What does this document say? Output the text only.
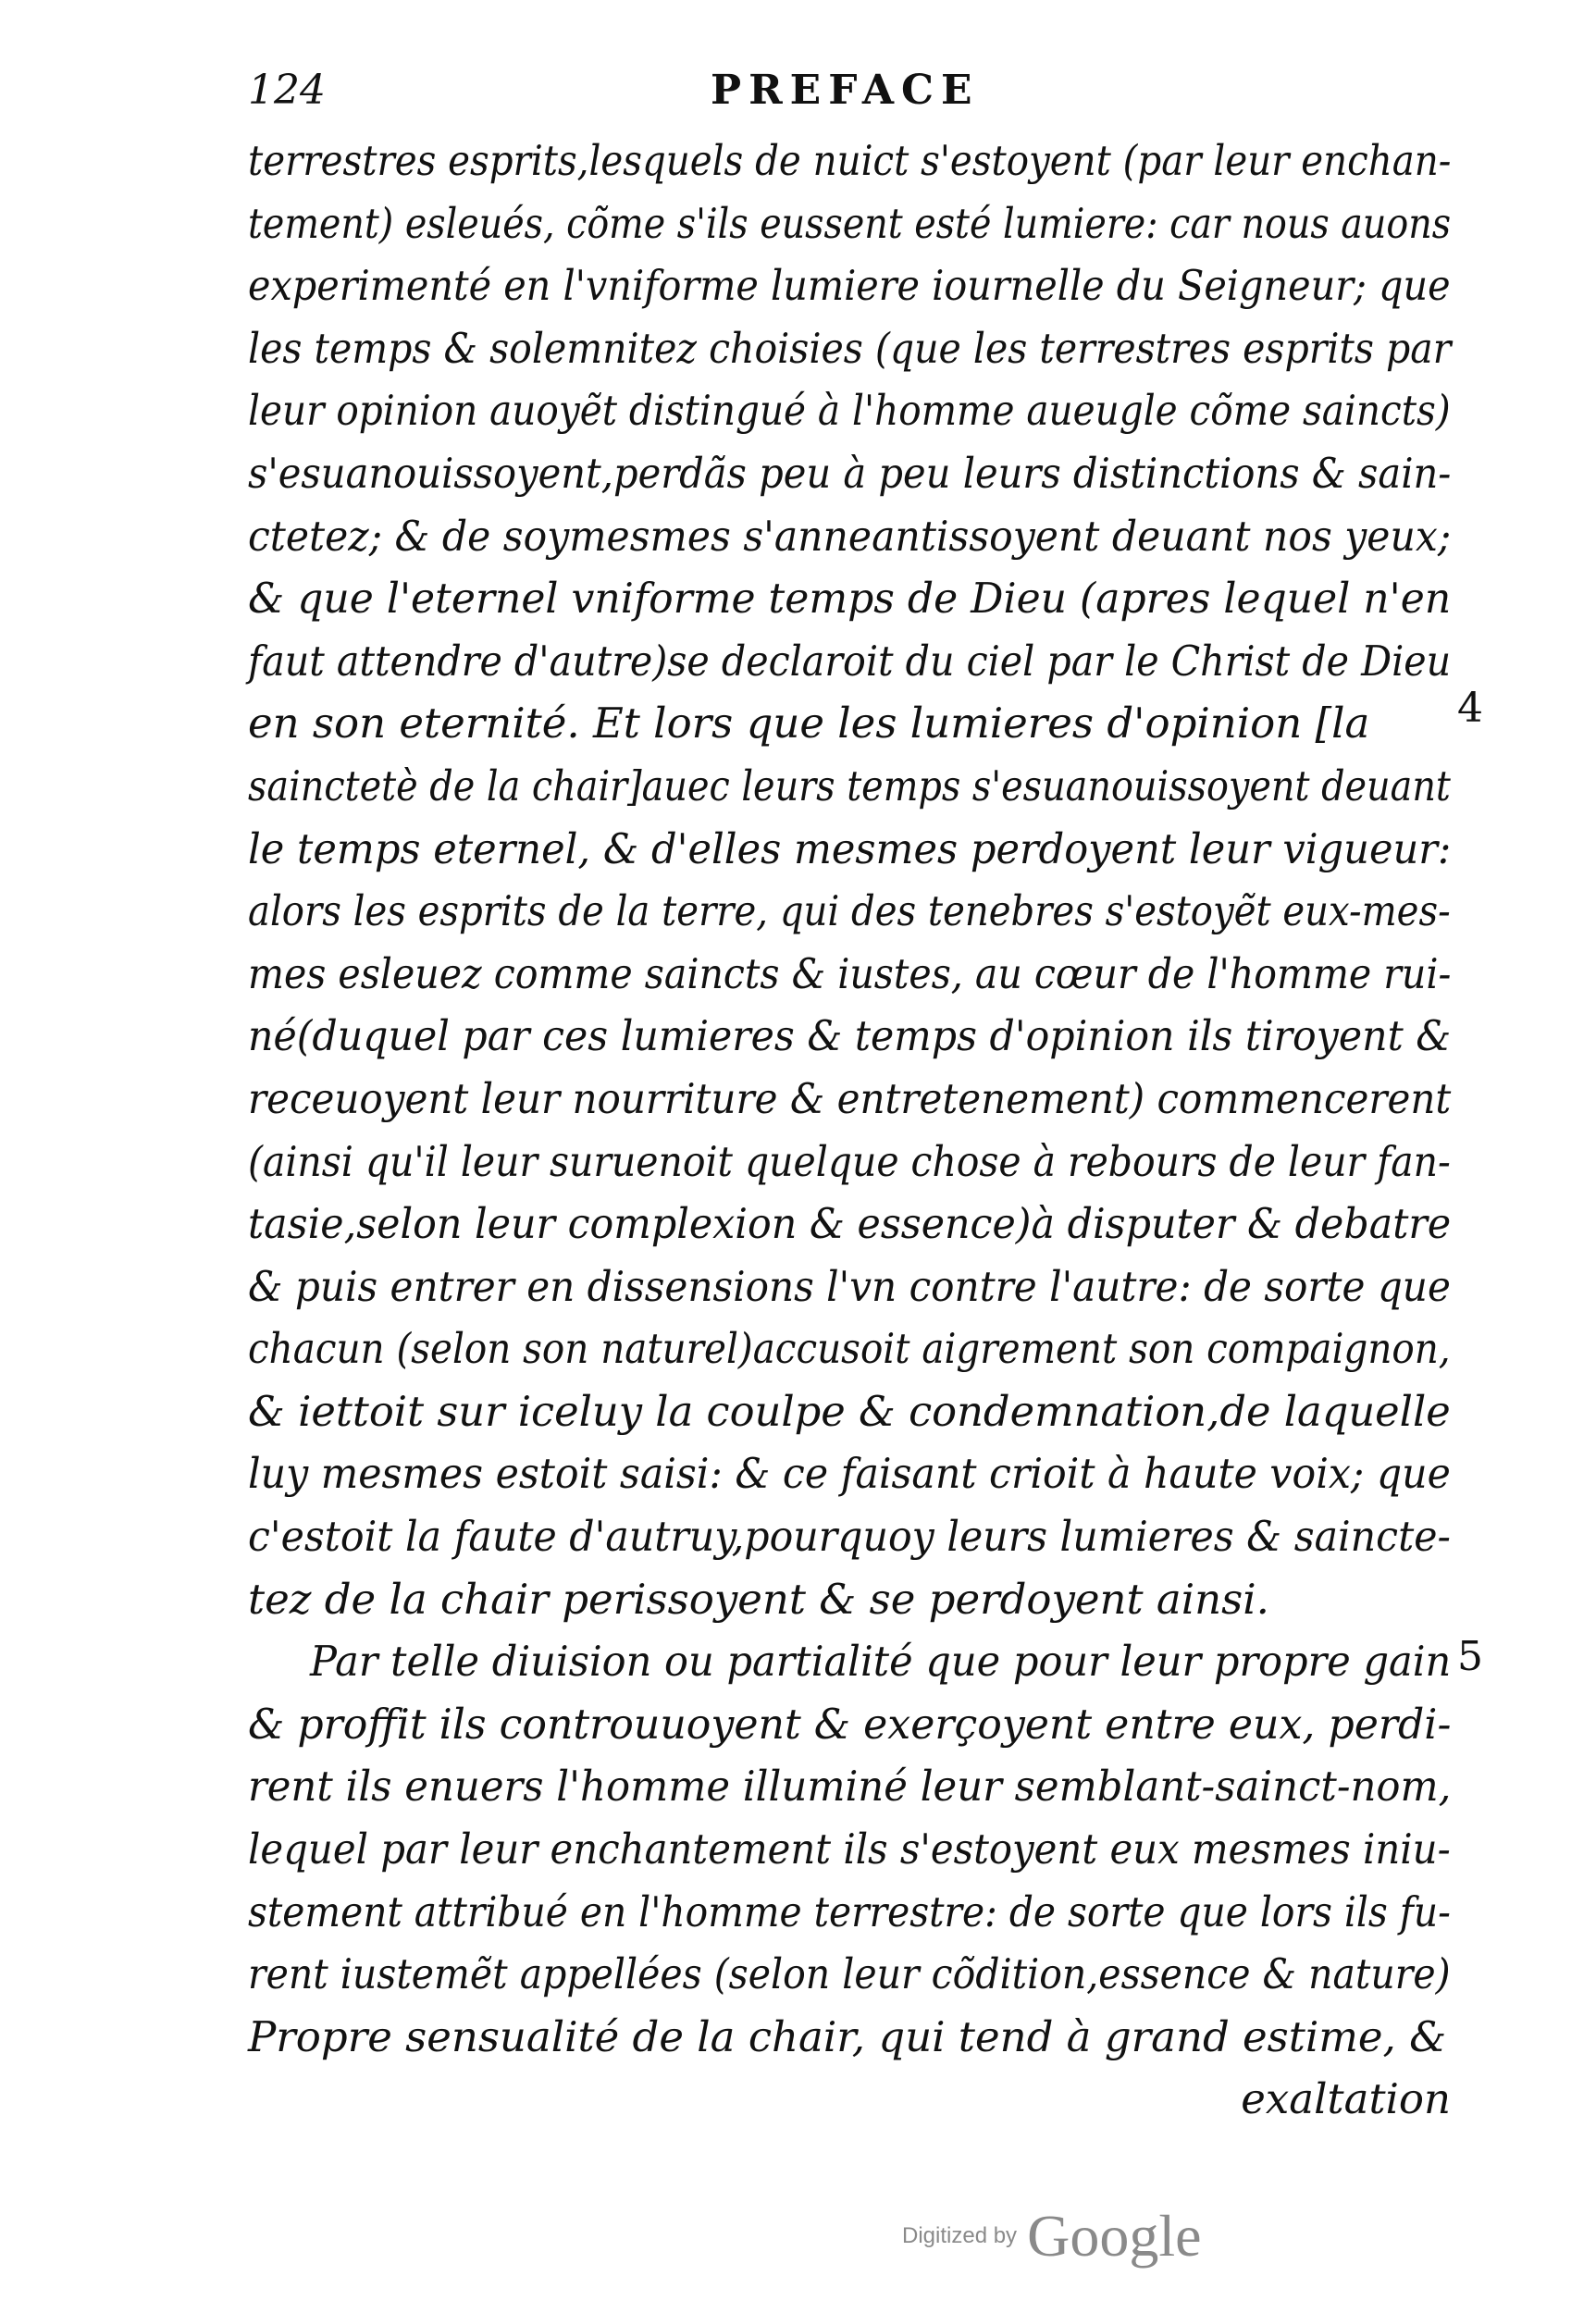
124	PREFACE
terrestres esprits,lesquels de nuict s'estoyent (par leur enchan-
tement) esleués, cõme s'ils eussent esté lumiere: car nous auons
experimenté en l'vniforme lumiere iournelle du Seigneur; que
les temps & solemnitez choisies (que les terrestres esprits par
leur opinion auoyẽt distingué à l'homme aueugle cõme saincts)
s'esuanouissoyent,perdãs peu à peu leurs distinctions & sain-
ctetez; & de soymesmes s'anneantissoyent deuant nos yeux;
& que l'eternel vniforme temps de Dieu (apres lequel n'en
faut attendre d'autre)se declaroit du ciel par le Christ de Dieu
en son eternité. Et lors que les lumieres d'opinion [la
sainctetè de la chair]auec leurs temps s'esuanouissoyent deuant
le temps eternel, & d'elles mesmes perdoyent leur vigueur:
alors les esprits de la terre, qui des tenebres s'estoyẽt eux-mes-
mes esleuez comme saincts & iustes, au cœur de l'homme rui-
né(duquel par ces lumieres & temps d'opinion ils tiroyent &
receuoyent leur nourriture & entretenement) commencerent
(ainsi qu'il leur suruenoit quelque chose à rebours de leur fan-
tasie,selon leur complexion & essence)à disputer & debatre
& puis entrer en dissensions l'vn contre l'autre: de sorte que
chacun (selon son naturel)accusoit aigrement son compaignon,
& iettoit sur iceluy la coulpe & condemnation,de laquelle
luy mesmes estoit saisi: & ce faisant crioit à haute voix; que
c'estoit la faute d'autruy,pourquoy leurs lumieres & saincte-
tez de la chair perissoyent & se perdoyent ainsi.
Par telle diuision ou partialité que pour leur propre gain
& proffit ils controuuoyent & exerçoyent entre eux, perdi-
rent ils enuers l'homme illuminé leur semblant-sainct-nom,
lequel par leur enchantement ils s'estoyent eux mesmes iniu-
stement attribué en l'homme terrestre: de sorte que lors ils fu-
rent iustemẽt appellées (selon leur cõdition,essence & nature)
Propre sensualité de la chair, qui tend à grand estime, &
exaltation
4
5
Digitized by Google
